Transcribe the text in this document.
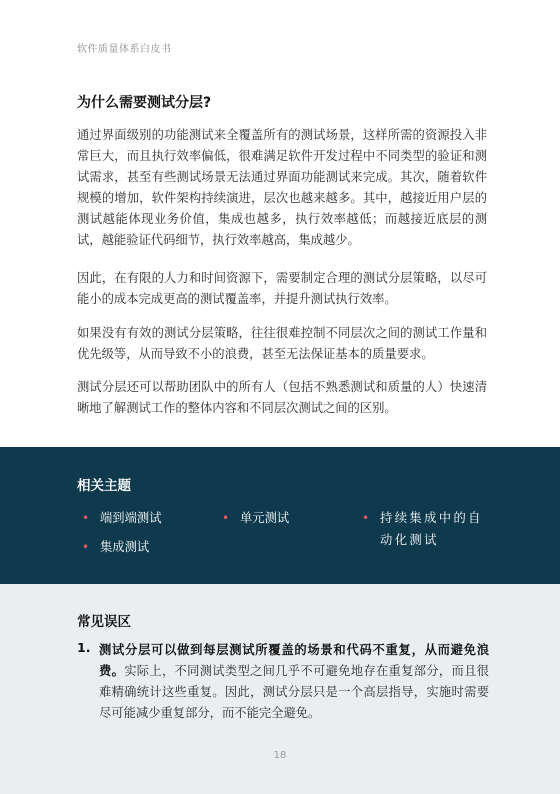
软件质量体系白皮书
为什么需要测试分层?

通过界面级别的功能测试来全覆盖所有的测试场景，这样所需的资源投入非常巨大，而且执行效率偏低，很难满足软件开发过程中不同类型的验证和测试需求，甚至有些测试场景无法通过界面功能测试来完成。其次，随着软件规模的增加，软件架构持续演进，层次也越来越多。其中，越接近用户层的测试越能体现业务价值，集成也越多，执行效率越低；而越接近底层的测试，越能验证代码细节，执行效率越高，集成越少。

因此，在有限的人力和时间资源下，需要制定合理的测试分层策略，以尽可能小的成本完成更高的测试覆盖率，并提升测试执行效率。

如果没有有效的测试分层策略，往往很难控制不同层次之间的测试工作量和优先级等，从而导致不小的浪费，甚至无法保证基本的质量要求。

测试分层还可以帮助团队中的所有人（包括不熟悉测试和质量的人）快速清晰地了解测试工作的整体内容和不同层次测试之间的区别。

相关主题
• 端到端测试	• 单元测试	• 持续集成中的自动化测试
• 集成测试
常见误区
1. 测试分层可以做到每层测试所覆盖的场景和代码不重复，从而避免浪费。实际上，不同测试类型之间几乎不可避免地存在重复部分，而且很难精确统计这些重复。因此，测试分层只是一个高层指导，实施时需要尽可能减少重复部分，而不能完全避免。

18
